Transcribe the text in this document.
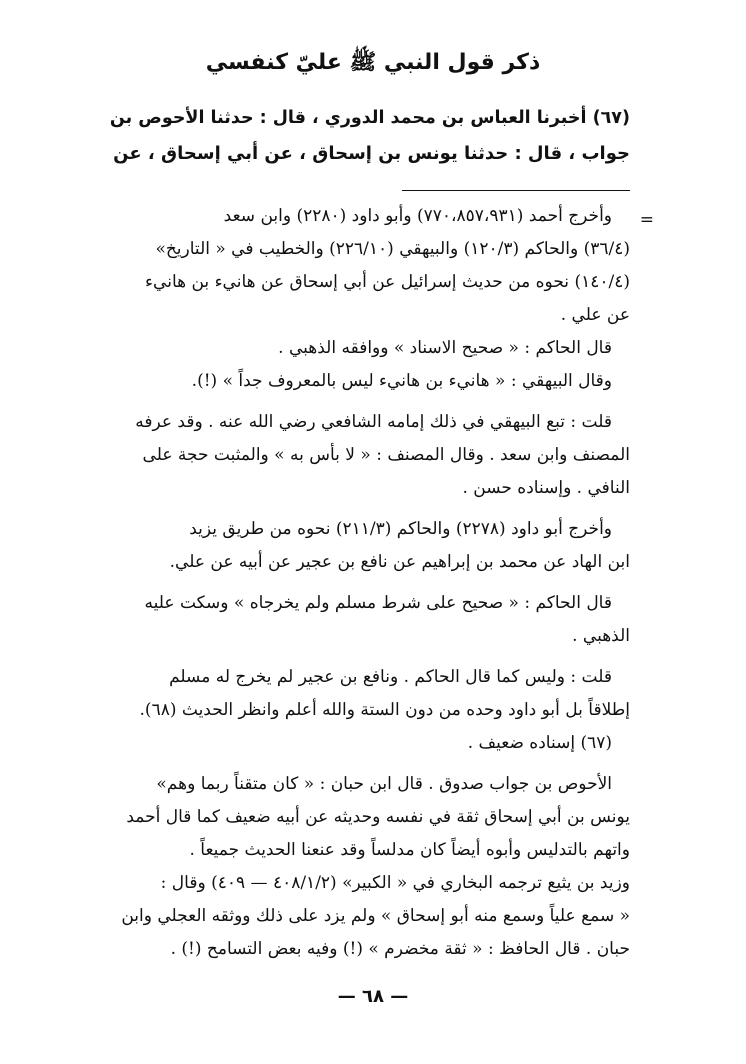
ذكر قول النبي ﷺ عليّ كنفسي
(٦٧) أخبرنا العباس بن محمد الدوري ، قال : حدثنا الأحوص بن
جواب ، قال : حدثنا يونس بن إسحاق ، عن أبي إسحاق ، عن
=
وأخرج أحمد (٧٧٠،٨٥٧،٩٣١) وأبو داود (٢٢٨٠) وابن سعد
(٣٦/٤) والحاكم (١٢٠/٣) والبيهقي (٢٢٦/١٠) والخطيب في « التاريخ»
(١٤٠/٤) نحوه من حديث إسرائيل عن أبي إسحاق عن هانيء بن هانيء
عن علي .
قال الحاكم : « صحيح الاسناد » ووافقه الذهبي .
وقال البيهقي : « هانيء بن هانيء ليس بالمعروف جداً » (!).
قلت : تبع البيهقي في ذلك إمامه الشافعي رضي الله عنه . وقد عرفه
المصنف وابن سعد . وقال المصنف : « لا بأس به » والمثبت حجة على
النافي . وإسناده حسن .
وأخرج أبو داود (٢٢٧٨) والحاكم (٢١١/٣) نحوه من طريق يزيد
ابن الهاد عن محمد بن إبراهيم عن نافع بن عجير عن أبيه عن علي.
قال الحاكم : « صحيح على شرط مسلم ولم يخرجاه » وسكت عليه
الذهبي .
قلت : وليس كما قال الحاكم . ونافع بن عجير لم يخرج له مسلم
إطلاقاً بل أبو داود وحده من دون الستة والله أعلم وانظر الحديث (٦٨).
(٦٧) إسناده ضعيف .
الأحوص بن جواب صدوق . قال ابن حبان : « كان متقناً ربما وهم»
يونس بن أبي إسحاق ثقة في نفسه وحديثه عن أبيه ضعيف كما قال أحمد
واتهم بالتدليس وأبوه أيضاً كان مدلساً وقد عنعنا الحديث جميعاً .
وزيد بن يثيع ترجمه البخاري في « الكبير» (٤٠٨/١/٢ — ٤٠٩) وقال :
« سمع علياً وسمع منه أبو إسحاق » ولم يزد على ذلك ووثقه العجلي وابن
حبان . قال الحافظ : « ثقة مخضرم » (!) وفيه بعض التسامح (!) .
— ٦٨ —
